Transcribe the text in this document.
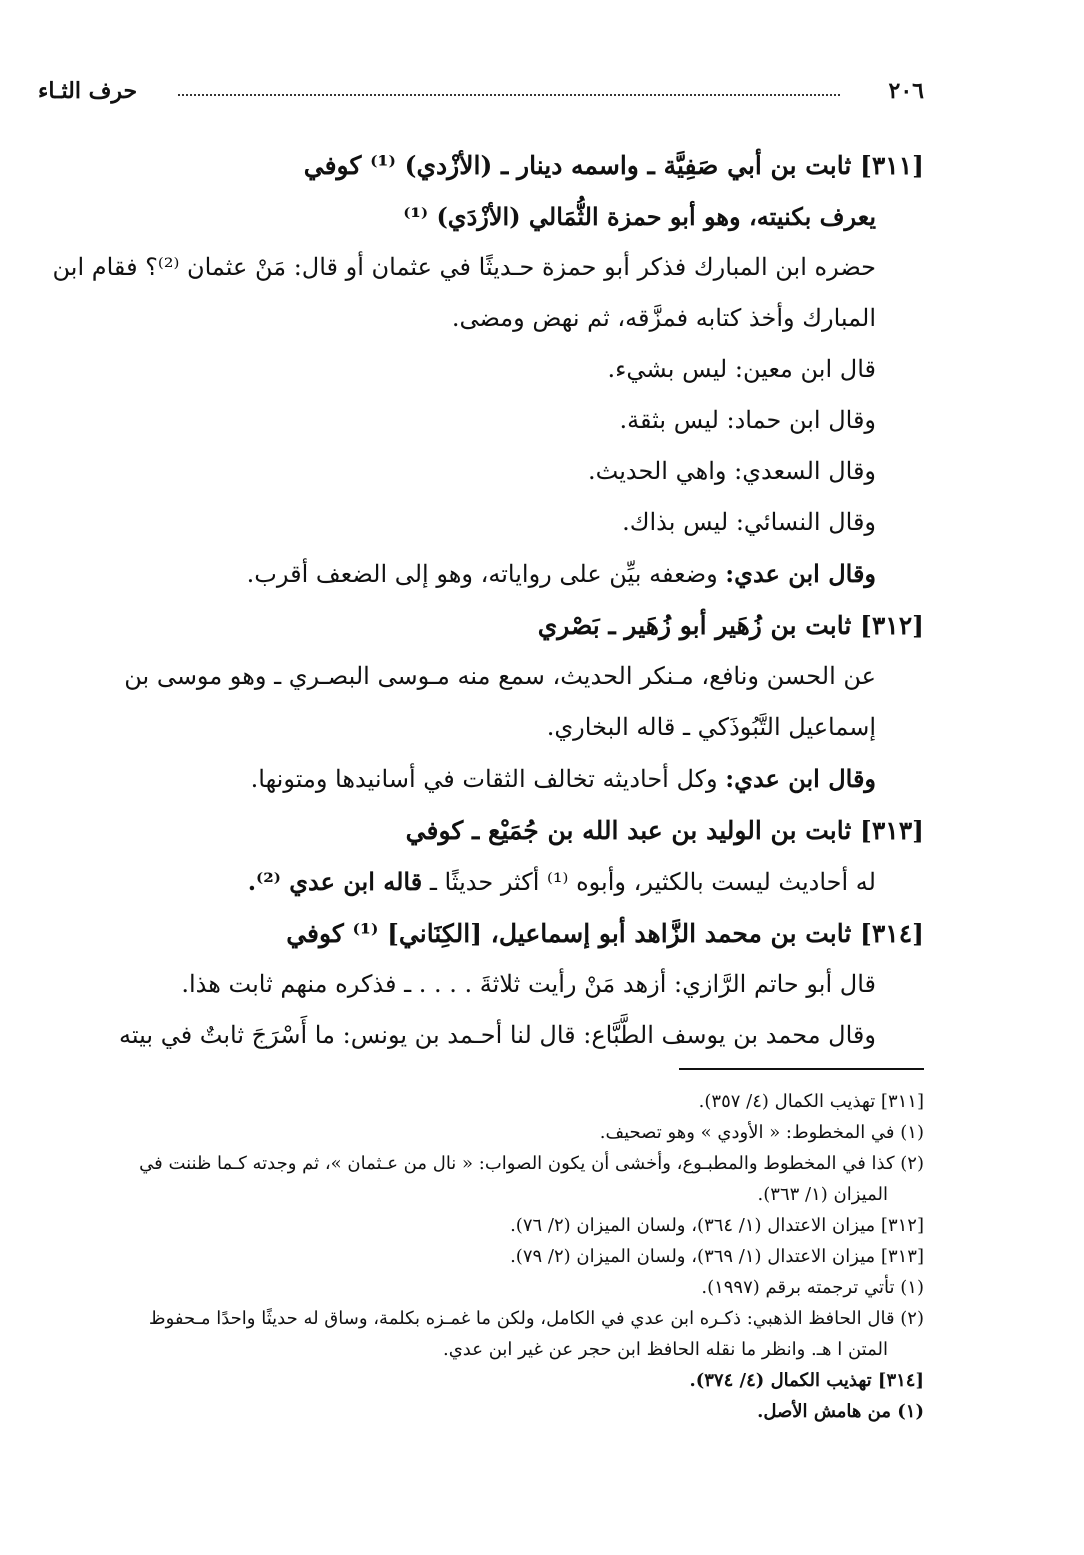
٢٠٦
حرف الثـاء

[٣١١] ثابت بن أبي صَفِيَّة ـ واسمه دينار ـ (الأزْدي) ⁽¹⁾ كوفي

يعرف بكنيته، وهو أبو حمزة الثُّمَالي (الأزْدَي) ⁽¹⁾

حضره ابن المبارك فذكر أبو حمزة حـديثًا في عثمان أو قال: مَنْ عثمان ⁽²⁾؟ فقام ابن المبارك وأخذ كتابه فمزَّقه، ثم نهض ومضى.

قال ابن معين: ليس بشيء.

وقال ابن حماد: ليس بثقة.

وقال السعدي: واهي الحديث.

وقال النسائي: ليس بذاك.

وقال ابن عدي: وضعفه بيِّن على رواياته، وهو إلى الضعف أقرب.

[٣١٢] ثابت بن زُهَير أبو زُهَير ـ بَصْري

عن الحسن ونافع، مـنكر الحديث، سمع منه مـوسى البصـري ـ وهو موسى بن إسماعيل التَّبُوذَكي ـ قاله البخاري.

وقال ابن عدي: وكل أحاديثه تخالف الثقات في أسانيدها ومتونها.

[٣١٣] ثابت بن الوليد بن عبد الله بن جُمَيْع ـ كوفي

له أحاديث ليست بالكثير، وأبوه ⁽¹⁾ أكثر حديثًا ـ قاله ابن عدي ⁽²⁾.

[٣١٤] ثابت بن محمد الزَّاهد أبو إسماعيل، [الكِنَاني] ⁽¹⁾ كوفي

قال أبو حاتم الرَّازي: أزهد مَنْ رأيت ثلاثةَ . . . . ـ فذكره منهم ثابت هذا.

وقال محمد بن يوسف الطَّبَّاع: قال لنا أحـمد بن يونس: ما أَسْرَجَ ثابتٌ في بيته

[٣١١] تهذيب الكمال (٤/ ٣٥٧).

(١) في المخطوط: « الأودي » وهو تصحيف.

(٢) كذا في المخطوط والمطبـوع، وأخشى أن يكون الصواب: « نال من عـثمان »، ثم وجدته كـما ظننت في

الميزان (١/ ٣٦٣).

[٣١٢] ميزان الاعتدال (١/ ٣٦٤)، ولسان الميزان (٢/ ٧٦).

[٣١٣] ميزان الاعتدال (١/ ٣٦٩)، ولسان الميزان (٢/ ٧٩).

(١) تأتي ترجمته برقم (١٩٩٧).

(٢) قال الحافظ الذهبي: ذكـره ابن عدي في الكامل، ولكن ما غمـزه بكلمة، وساق له حديثًا واحدًا مـحفوظ

المتن ا هـ. وانظر ما نقله الحافظ ابن حجر عن غير ابن عدي.

[٣١٤] تهذيب الكمال (٤/ ٣٧٤).

(١) من هامش الأصل.
